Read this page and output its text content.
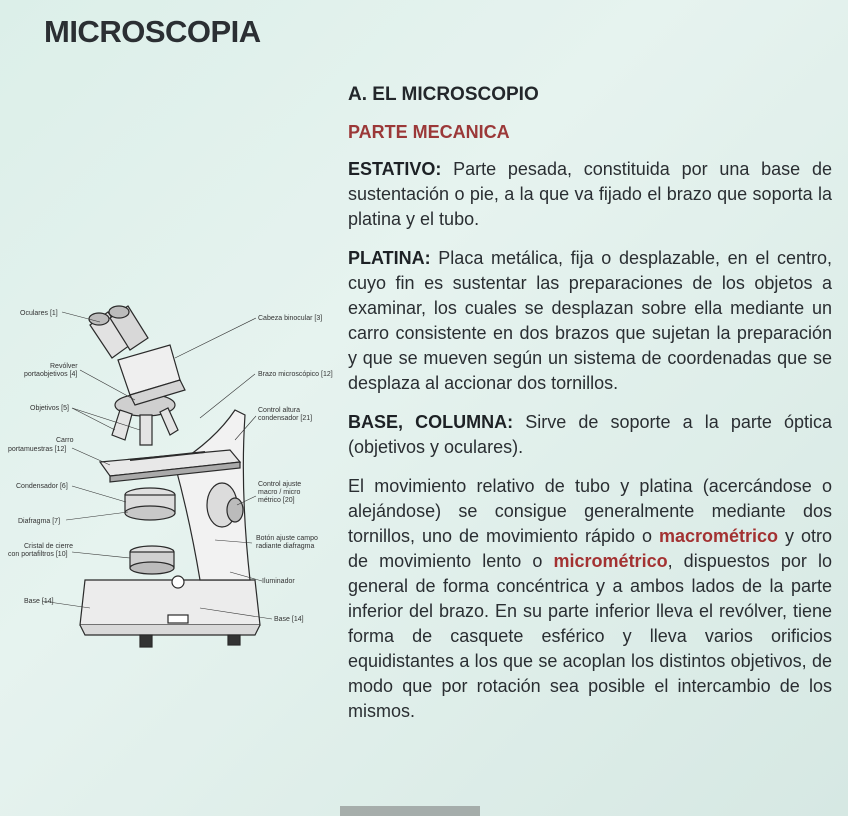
MICROSCOPIA
Oculares [1]
Revólver
portaobjetivos [4]
Objetivos [5]
Carro
portamuestras [12]
Condensador [6]
Diafragma [7]
Cristal de cierre
con portafiltros [10]
Base [14]
Cabeza binocular [3]
Brazo microscópico [12]
Control altura
condensador [21]
Control ajuste
macro / micro
métrico [20]
Botón ajuste campo
radiante diafragma
Iluminador
Base [14]
A. EL MICROSCOPIO
PARTE MECANICA

ESTATIVO: Parte pesada, constituida por una base de sustentación o pie, a la que va fijado el brazo que soporta la platina y el tubo.

PLATINA: Placa metálica, fija o desplazable, en el centro, cuyo fin es sustentar las preparaciones de los objetos a examinar, los cuales se desplazan sobre ella mediante un carro consistente en dos brazos que sujetan la preparación y que se mueven según un sistema de coordenadas que se desplaza al accionar dos tornillos.

BASE, COLUMNA: Sirve de soporte a la parte óptica (objetivos y oculares).

El movimiento relativo de tubo y platina (acercándose o alejándose) se consigue generalmente mediante dos tornillos, uno de movimiento rápido o macrométrico y otro de movimiento lento o micrométrico, dispuestos por lo general de forma concéntrica y a ambos lados de la parte inferior del brazo. En su parte inferior lleva el revólver, tiene forma de casquete esférico y lleva varios orificios equidistantes a los que se acoplan los distintos objetivos, de modo que por rotación sea posible el intercambio de los mismos.
